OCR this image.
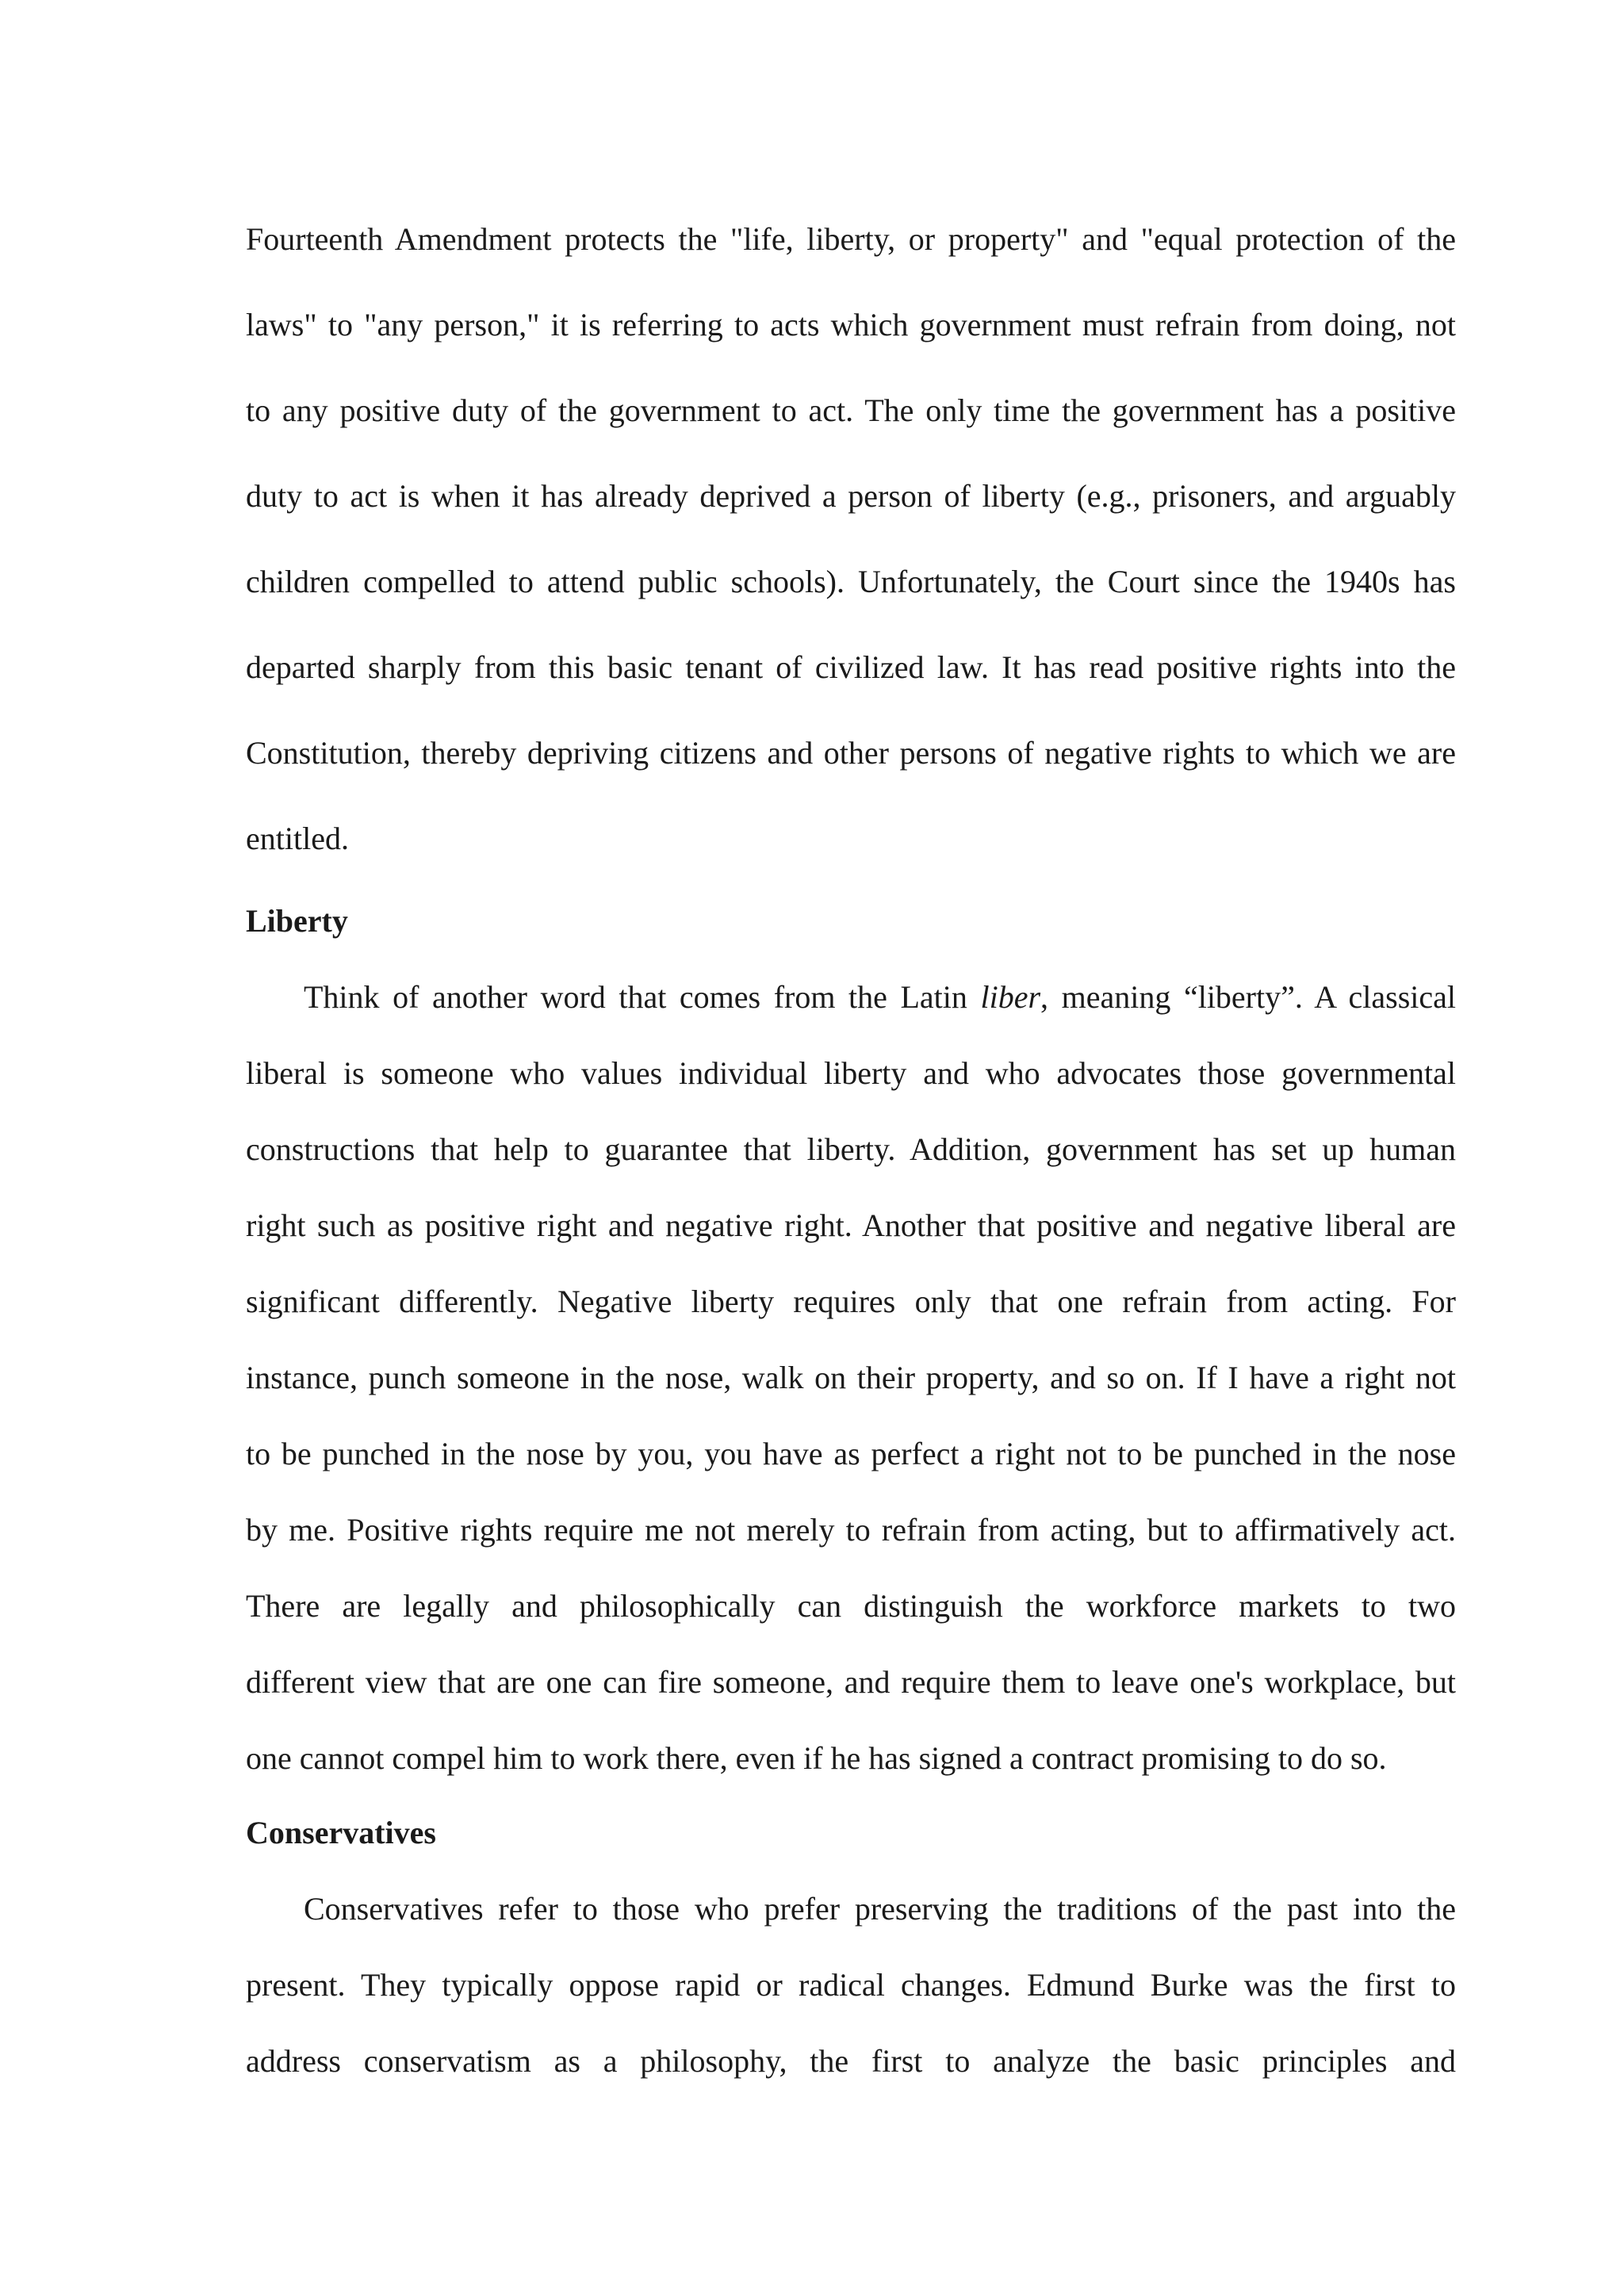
Fourteenth Amendment protects the "life, liberty, or property" and "equal protection of the

laws" to "any person," it is referring to acts which government must refrain from doing, not

to any positive duty of the government to act. The only time the government has a positive

duty to act is when it has already deprived a person of liberty (e.g., prisoners, and arguably

children compelled to attend public schools). Unfortunately, the Court since the 1940s has

departed sharply from this basic tenant of civilized law. It has read positive rights into the

Constitution, thereby depriving citizens and other persons of negative rights to which we are

entitled.

Liberty

Think of another word that comes from the Latin liber, meaning “liberty”. A classical

liberal is someone who values individual liberty and who advocates those governmental

constructions that help to guarantee that liberty. Addition, government has set up human

right such as positive right and negative right. Another that positive and negative liberal are

significant differently. Negative liberty requires only that one refrain from acting. For

instance, punch someone in the nose, walk on their property, and so on. If I have a right not

to be punched in the nose by you, you have as perfect a right not to be punched in the nose

by me. Positive rights require me not merely to refrain from acting, but to affirmatively act.

There are legally and philosophically can distinguish the workforce markets to two

different view that are one can fire someone, and require them to leave one's workplace, but

one cannot compel him to work there, even if he has signed a contract promising to do so.

Conservatives

Conservatives refer to those who prefer preserving the traditions of the past into the

present. They typically oppose rapid or radical changes. Edmund Burke was the first to

address conservatism as a philosophy, the first to analyze the basic principles and
